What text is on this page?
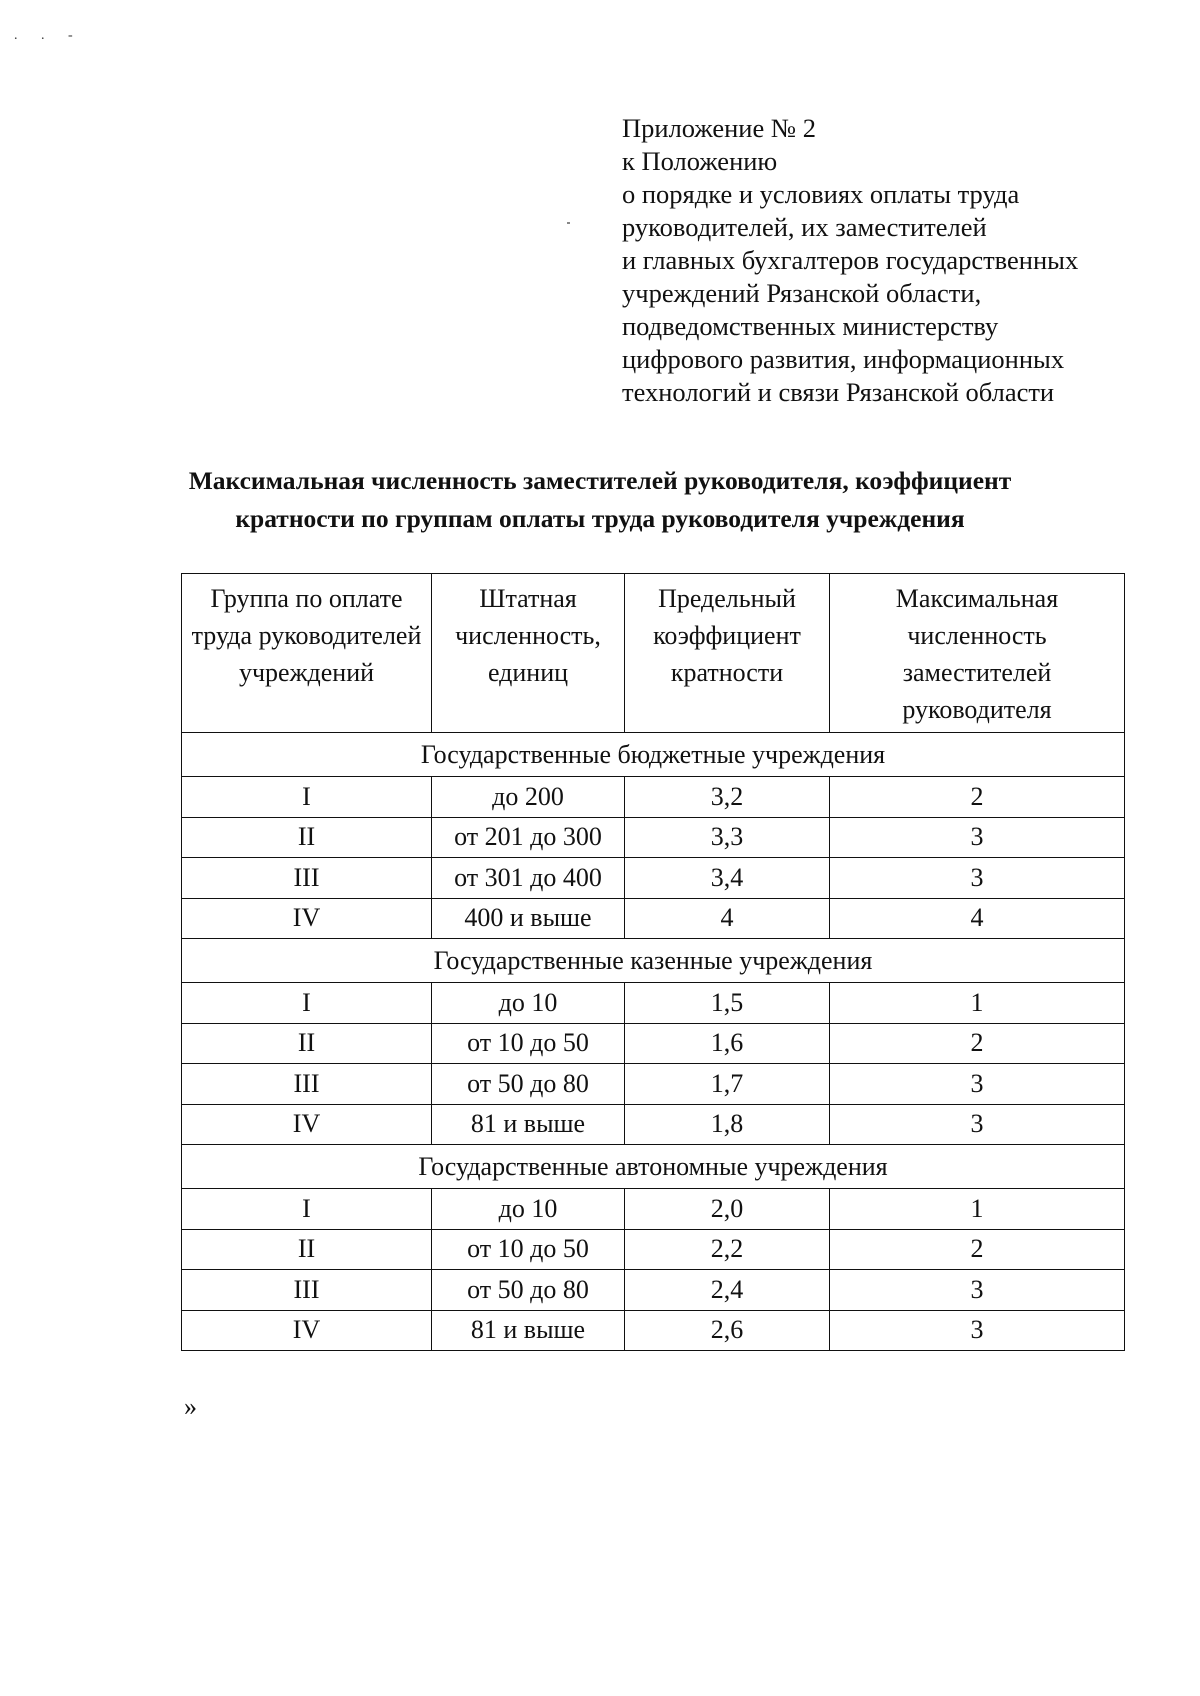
. . -
Приложение № 2
к Положению
о порядке и условиях оплаты труда
руководителей, их заместителей
и главных бухгалтеров государственных
учреждений Рязанской области,
подведомственных министерству
цифрового развития, информационных
технологий и связи Рязанской области
Максимальная численность заместителей руководителя, коэффициент
кратности по группам оплаты труда руководителя учреждения
Группа по оплате труда руководителей учреждений	Штатная численность, единиц	Предельный коэффициент кратности	Максимальная численность заместителей руководителя
Государственные бюджетные учреждения			
I	до 200	3,2	2
II	от 201 до 300	3,3	3
III	от 301 до 400	3,4	3
IV	400 и выше	4	4
Государственные казенные учреждения			
I	до 10	1,5	1
II	от 10 до 50	1,6	2
III	от 50 до 80	1,7	3
IV	81 и выше	1,8	3
Государственные автономные учреждения			
I	до 10	2,0	1
II	от 10 до 50	2,2	2
III	от 50 до 80	2,4	3
IV	81 и выше	2,6	3
»
